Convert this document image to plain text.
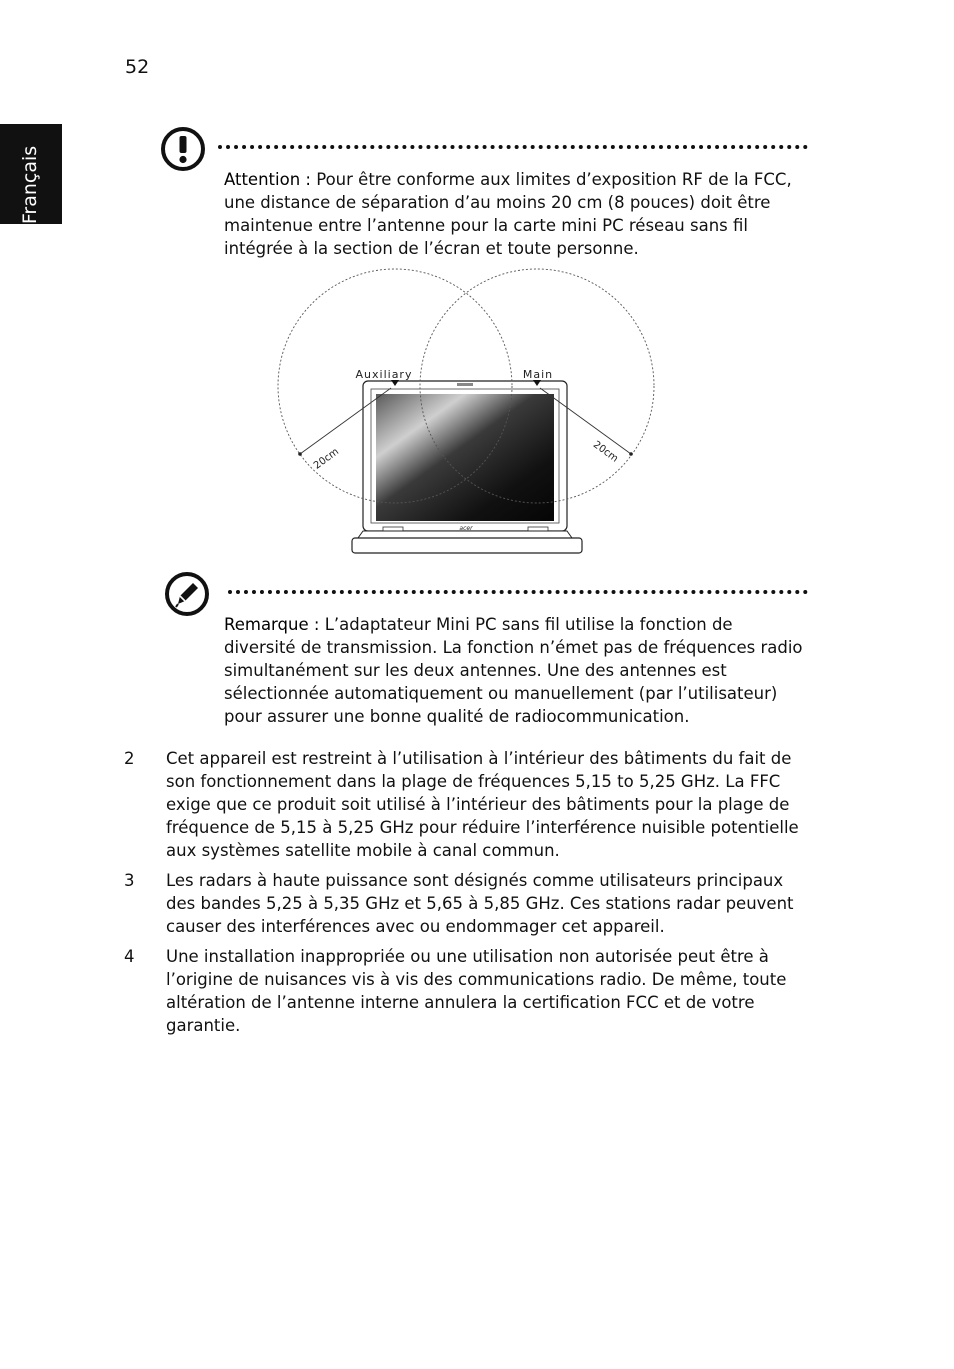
52
Français	Attention : Pour être conforme aux limites d’exposition RF de la FCC, une distance de séparation d’au moins 20 cm (8 pouces) doit être maintenue entre l’antenne pour la carte mini PC réseau sans fil intégrée à la section de l’écran et toute personne.
acer
Auxiliary	Main
20cm	20cm
Remarque : L’adaptateur Mini PC sans fil utilise la fonction de diversité de transmission. La fonction n’émet pas de fréquences radio simultanément sur les deux antennes. Une des antennes est sélectionnée automatiquement ou manuellement (par l’utilisateur) pour assurer une bonne qualité de radiocommunication.
2 Cet appareil est restreint à l’utilisation à l’intérieur des bâtiments du fait de son fonctionnement dans la plage de fréquences 5,15 to 5,25 GHz. La FFC exige que ce produit soit utilisé à l’intérieur des bâtiments pour la plage de fréquence de 5,15 à 5,25 GHz pour réduire l’interférence nuisible potentielle aux systèmes satellite mobile à canal commun.
3 Les radars à haute puissance sont désignés comme utilisateurs principaux des bandes 5,25 à 5,35 GHz et 5,65 à 5,85 GHz. Ces stations radar peuvent causer des interférences avec ou endommager cet appareil.
4 Une installation inappropriée ou une utilisation non autorisée peut être à l’origine de nuisances vis à vis des communications radio. De même, toute altération de l’antenne interne annulera la certification FCC et de votre garantie.
